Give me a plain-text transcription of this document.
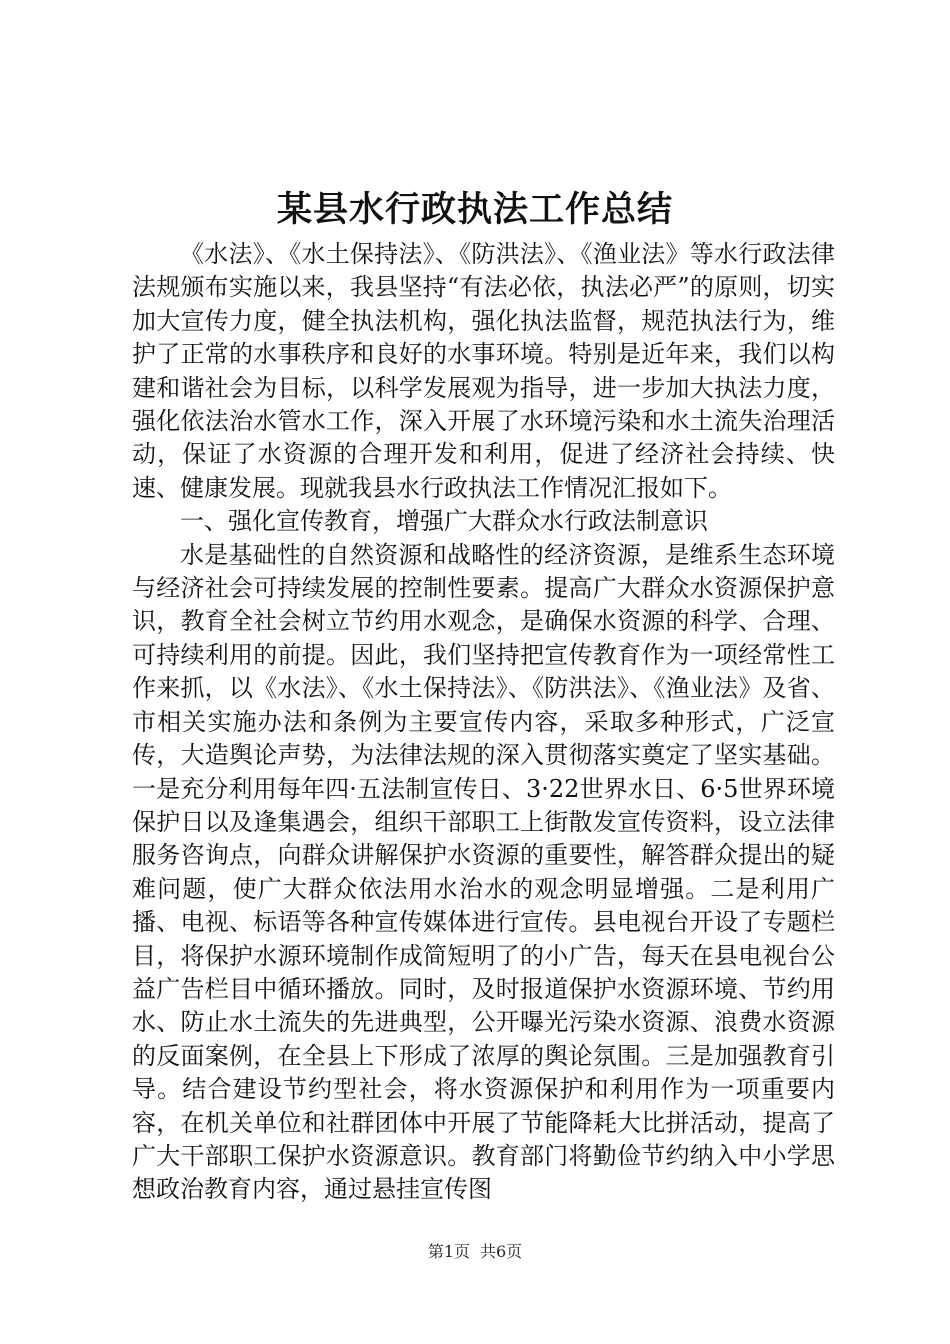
某县水行政执法工作总结

《水法》、《水土保持法》、《防洪法》、《渔业法》等水行政法律法规颁布实施以来，我县坚持“有法必依，执法必严”的原则，切实加大宣传力度，健全执法机构，强化执法监督，规范执法行为，维护了正常的水事秩序和良好的水事环境。特别是近年来，我们以构建和谐社会为目标，以科学发展观为指导，进一步加大执法力度，强化依法治水管水工作，深入开展了水环境污染和水土流失治理活动，保证了水资源的合理开发和利用，促进了经济社会持续、快速、健康发展。现就我县水行政执法工作情况汇报如下。

一、强化宣传教育，增强广大群众水行政法制意识

水是基础性的自然资源和战略性的经济资源，是维系生态环境与经济社会可持续发展的控制性要素。提高广大群众水资源保护意识，教育全社会树立节约用水观念，是确保水资源的科学、合理、可持续利用的前提。因此，我们坚持把宣传教育作为一项经常性工作来抓，以《水法》、《水土保持法》、《防洪法》、《渔业法》及省、市相关实施办法和条例为主要宣传内容，采取多种形式，广泛宣传，大造舆论声势，为法律法规的深入贯彻落实奠定了坚实基础。一是充分利用每年四·五法制宣传日、3·22世界水日、6·5世界环境保护日以及逢集遇会，组织干部职工上街散发宣传资料，设立法律服务咨询点，向群众讲解保护水资源的重要性，解答群众提出的疑难问题，使广大群众依法用水治水的观念明显增强。二是利用广播、电视、标语等各种宣传媒体进行宣传。县电视台开设了专题栏目，将保护水源环境制作成简短明了的小广告，每天在县电视台公益广告栏目中循环播放。同时，及时报道保护水资源环境、节约用水、防止水土流失的先进典型，公开曝光污染水资源、浪费水资源的反面案例，在全县上下形成了浓厚的舆论氛围。三是加强教育引导。结合建设节约型社会，将水资源保护和利用作为一项重要内容，在机关单位和社群团体中开展了节能降耗大比拼活动，提高了广大干部职工保护水资源意识。教育部门将勤俭节约纳入中小学思想政治教育内容，通过悬挂宣传图

第1页 共6页
